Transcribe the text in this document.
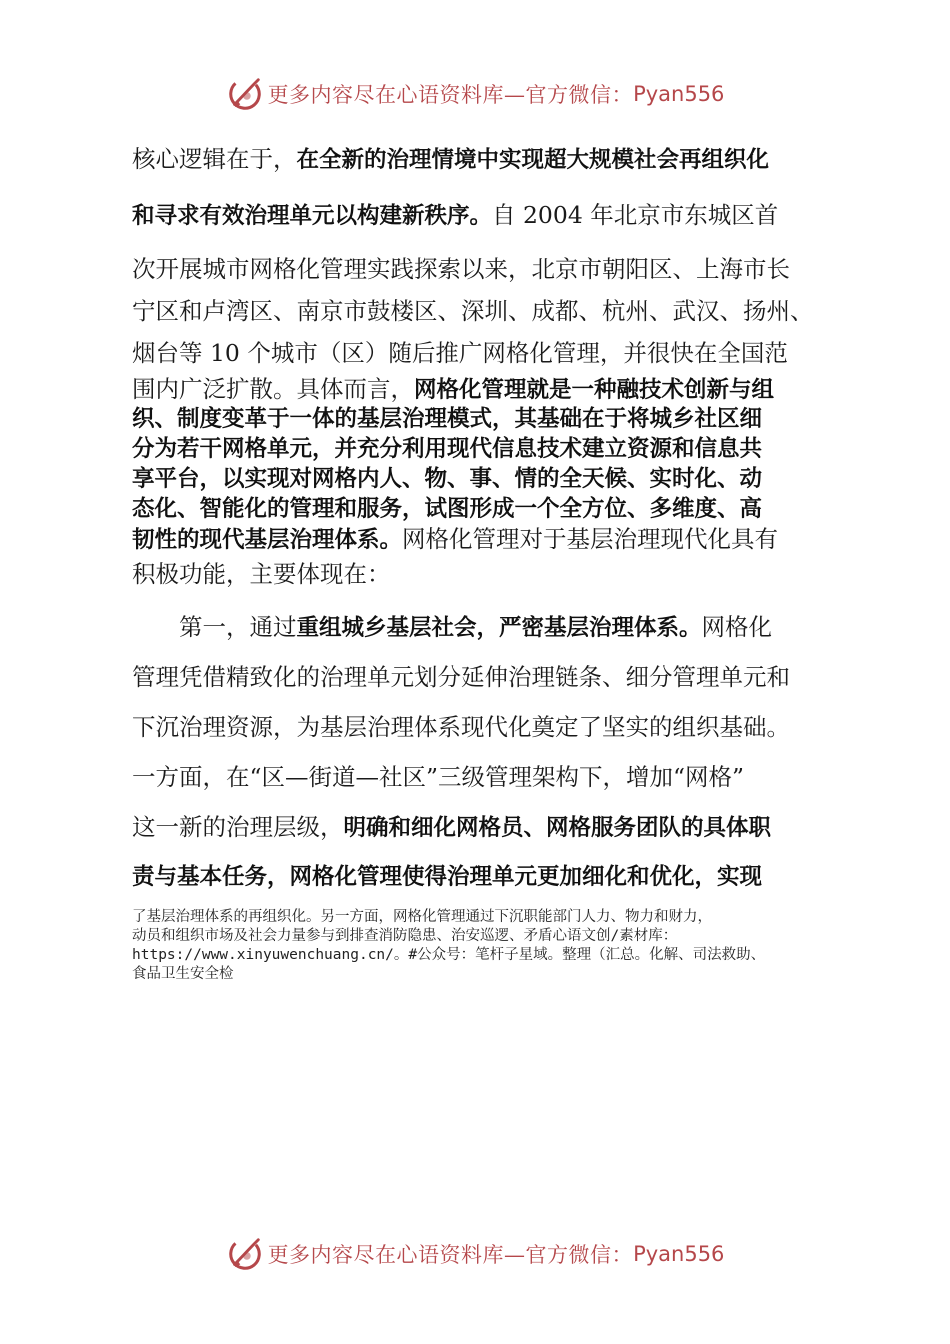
更多内容尽在心语资料库—官方微信： Pyan556
核心逻辑在于，在全新的治理情境中实现超大规模社会再组织化
和寻求有效治理单元以构建新秩序。自 2004 年北京市东城区首
次开展城市网格化管理实践探索以来，北京市朝阳区、上海市长
宁区和卢湾区、南京市鼓楼区、深圳、成都、杭州、武汉、扬州、
烟台等 10 个城市（区）随后推广网格化管理，并很快在全国范
围内广泛扩散。具体而言，网格化管理就是一种融技术创新与组
织、制度变革于一体的基层治理模式，其基础在于将城乡社区细
分为若干网格单元，并充分利用现代信息技术建立资源和信息共
享平台，以实现对网格内人、物、事、情的全天候、实时化、动
态化、智能化的管理和服务，试图形成一个全方位、多维度、高
韧性的现代基层治理体系。网格化管理对于基层治理现代化具有
积极功能，主要体现在：
第一，通过重组城乡基层社会，严密基层治理体系。网格化
管理凭借精致化的治理单元划分延伸治理链条、细分管理单元和
下沉治理资源，为基层治理体系现代化奠定了坚实的组织基础。
一方面，在“区—街道—社区”三级管理架构下，增加“网格”
这一新的治理层级，明确和细化网格员、网格服务团队的具体职
责与基本任务，网格化管理使得治理单元更加细化和优化，实现
了基层治理体系的再组织化。另一方面，网格化管理通过下沉职能部门人力、物力和财力，
动员和组织市场及社会力量参与到排查消防隐患、治安巡逻、矛盾心语文创/素材库：
https://www.xinyuwenchuang.cn/。#公众号：笔杆子星域。整理（汇总。化解、司法救助、
食品卫生安全检
更多内容尽在心语资料库—官方微信： Pyan556
